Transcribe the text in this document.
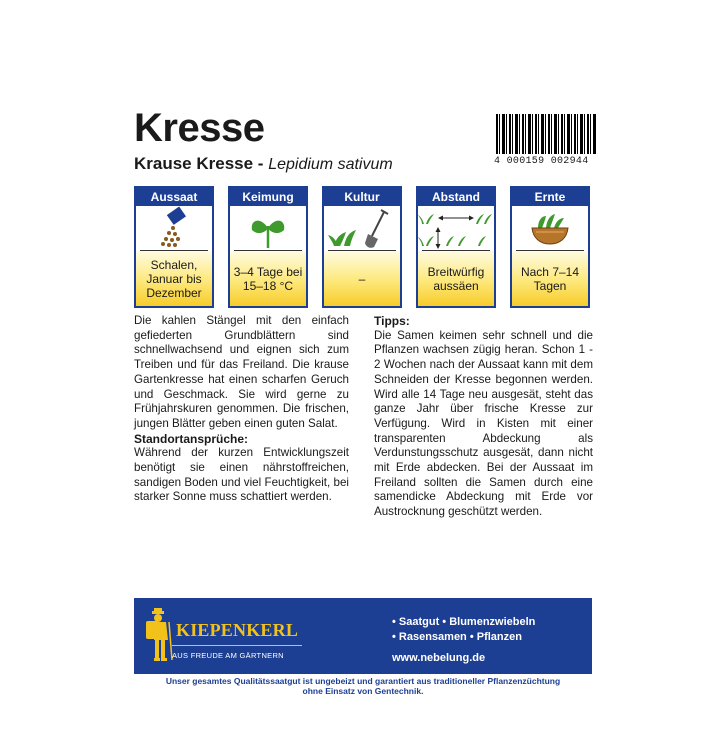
Kresse
Krause Kresse - Lepidium sativum	4 000159 002944
Aussaat
Schalen, Januar bis Dezember
Keimung
3–4 Tage bei 15–18 °C
Kultur
–
Abstand
Breitwürfig aussäen
Ernte
Nach 7–14 Tagen

Die kahlen Stängel mit den einfach gefiederten Grundblättern sind schnellwachsend und eignen sich zum Treiben und für das Freiland. Die krause Gartenkresse hat einen scharfen Geruch und Geschmack. Sie wird gerne zu Frühjahrskuren genommen. Die frischen, jungen Blätter geben einen guten Salat.

Standortansprüche:

Während der kurzen Entwicklungszeit benötigt sie einen nährstoffreichen, sandigen Boden und viel Feuchtigkeit, bei starker Sonne muss schattiert werden.

Tipps:

Die Samen keimen sehr schnell und die Pflanzen wachsen zügig heran. Schon 1 - 2 Wochen nach der Aussaat kann mit dem Schneiden der Kresse begonnen werden. Wird alle 14 Tage neu ausgesät, steht das ganze Jahr über frische Kresse zur Verfügung. Wird in Kisten mit einer transparenten Abdeckung als Verdunstungsschutz ausgesät, dann nicht mit Erde abdecken. Bei der Aussaat im Freiland sollten die Samen durch eine samendicke Abdeckung mit Erde vor Austrocknung geschützt werden.

KIEPENKERL
AUS FREUDE AM GÄRTNERN
• Saatgut • Blumenzwiebeln
• Rasensamen • Pflanzen
www.nebelung.de
Unser gesamtes Qualitätssaatgut ist ungebeizt und garantiert aus traditioneller Pflanzenzüchtung
ohne Einsatz von Gentechnik.
